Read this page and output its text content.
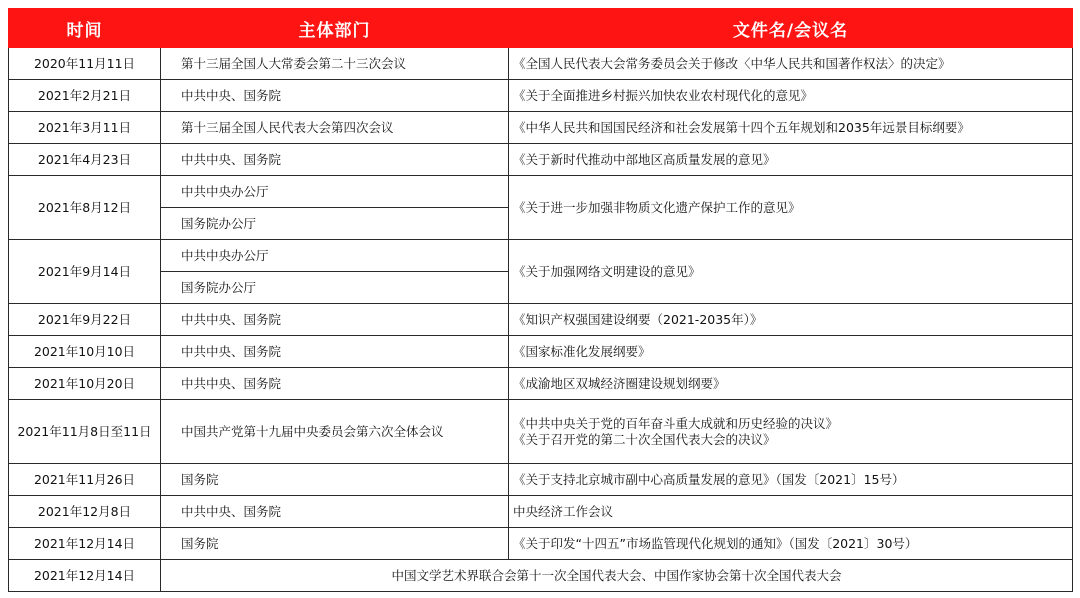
时间	主体部门	文件名/会议名
2020年11月11日	第十三届全国人大常委会第二十三次会议	《全国人民代表大会常务委员会关于修改〈中华人民共和国著作权法〉的决定》
2021年2月21日	中共中央、国务院	《关于全面推进乡村振兴加快农业农村现代化的意见》
2021年3月11日	第十三届全国人民代表大会第四次会议	《中华人民共和国国民经济和社会发展第十四个五年规划和2035年远景目标纲要》
2021年4月23日	中共中央、国务院	《关于新时代推动中部地区高质量发展的意见》
2021年8月12日	中共中央办公厅	《关于进一步加强非物质文化遗产保护工作的意见》
	国务院办公厅	
2021年9月14日	中共中央办公厅	《关于加强网络文明建设的意见》
	国务院办公厅	
2021年9月22日	中共中央、国务院	《知识产权强国建设纲要（2021-2035年）》
2021年10月10日	中共中央、国务院	《国家标准化发展纲要》
2021年10月20日	中共中央、国务院	《成渝地区双城经济圈建设规划纲要》
2021年11月8日至11日	中国共产党第十九届中央委员会第六次全体会议	《中共中央关于党的百年奋斗重大成就和历史经验的决议》
《关于召开党的第二十次全国代表大会的决议》

2021年11月26日	国务院	《关于支持北京城市副中心高质量发展的意见》（国发〔2021〕15号）
2021年12月8日	中共中央、国务院	中央经济工作会议
2021年12月14日	国务院	《关于印发“十四五”市场监管现代化规划的通知》（国发〔2021〕30号）
2021年12月14日	中国文学艺术界联合会第十一次全国代表大会、中国作家协会第十次全国代表大会	
